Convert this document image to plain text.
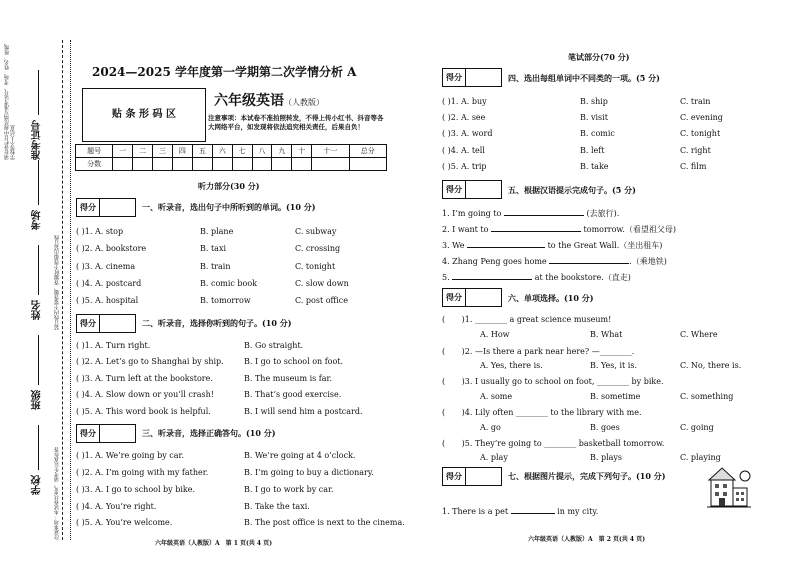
准考证号
考场
姓名
班级
学校
请在各栏目中规范填写准考证号、考场、姓名、班级、学校等个人信息
装订线内不要答题，答题时不得超出装订线
注意事项：本试卷共4页，请考生认真作答
2024—2025 学年度第一学期第二次学情分析 A
贴 条 形 码 区
六年级英语（人教版）
注意事项：本试卷不准拍照转发，不得上传小红书、抖音等各大网络平台，如发现将依法追究相关责任，后果自负！
题号	一	二	三	四	五	六	七	八	九	十	十一	总分
分数												
听力部分(30 分)
得分	一、听录音，选出句子中所听到的单词。(10 分)
( )1. A. stop	B. plane	C. subway
( )2. A. bookstore	B. taxi	C. crossing
( )3. A. cinema	B. train	C. tonight
( )4. A. postcard	B. comic book	C. slow down
( )5. A. hospital	B. tomorrow	C. post office
得分	二、听录音，选择你听到的句子。(10 分)
( )1. A. Turn right.	B. Go straight.
( )2. A. Let’s go to Shanghai by ship.	B. I go to school on foot.
( )3. A. Turn left at the bookstore.	B. The museum is far.
( )4. A. Slow down or you’ll crash!	B. That’s good exercise.
( )5. A. This word book is helpful.	B. I will send him a postcard.
得分	三、听录音，选择正确答句。(10 分)
( )1. A. We’re going by car.	B. We’re going at 4 o’clock.
( )2. A. I’m going with my father.	B. I’m going to buy a dictionary.
( )3. A. I go to school by bike.	B. I go to work by car.
( )4. A. You’re right.	B. Take the taxi.
( )5. A. You’re welcome.	B. The post office is next to the cinema.
六年级英语（人教版）A　第 1 页(共 4 页)
笔试部分(70 分)
得分	四、选出每组单词中不同类的一项。(5 分)
( )1. A. buy	B. ship	C. train
( )2. A. see	B. visit	C. evening
( )3. A. word	B. comic	C. tonight
( )4. A. tell	B. left	C. right
( )5. A. trip	B. take	C. film
得分	五、根据汉语提示完成句子。(5 分)
1. I’m going to	(去旅行).
2. I want to	tomorrow.（看望祖父母)
3. We	to the Great Wall.（坐出租车)
4. Zhang Peng goes home	.（乘地铁)
5.	at the bookstore.（直走)
得分	六、单项选择。(10 分)
( )1. ________ a great science museum!
A. How	B. What	C. Where
( )2. —Is there a park near here? —________.
A. Yes, there is.	B. Yes, it is.	C. No, there is.
( )3. I usually go to school on foot, ________ by bike.
A. some	B. sometime	C. something
( )4. Lily often ________ to the library with me.
A. go	B. goes	C. going
( )5. They’re going to ________ basketball tomorrow.
A. play	B. plays	C. playing
得分	七、根据图片提示，完成下列句子。(10 分)
1. There is a pet	in my city.
六年级英语（人教版）A　第 2 页(共 4 页)
